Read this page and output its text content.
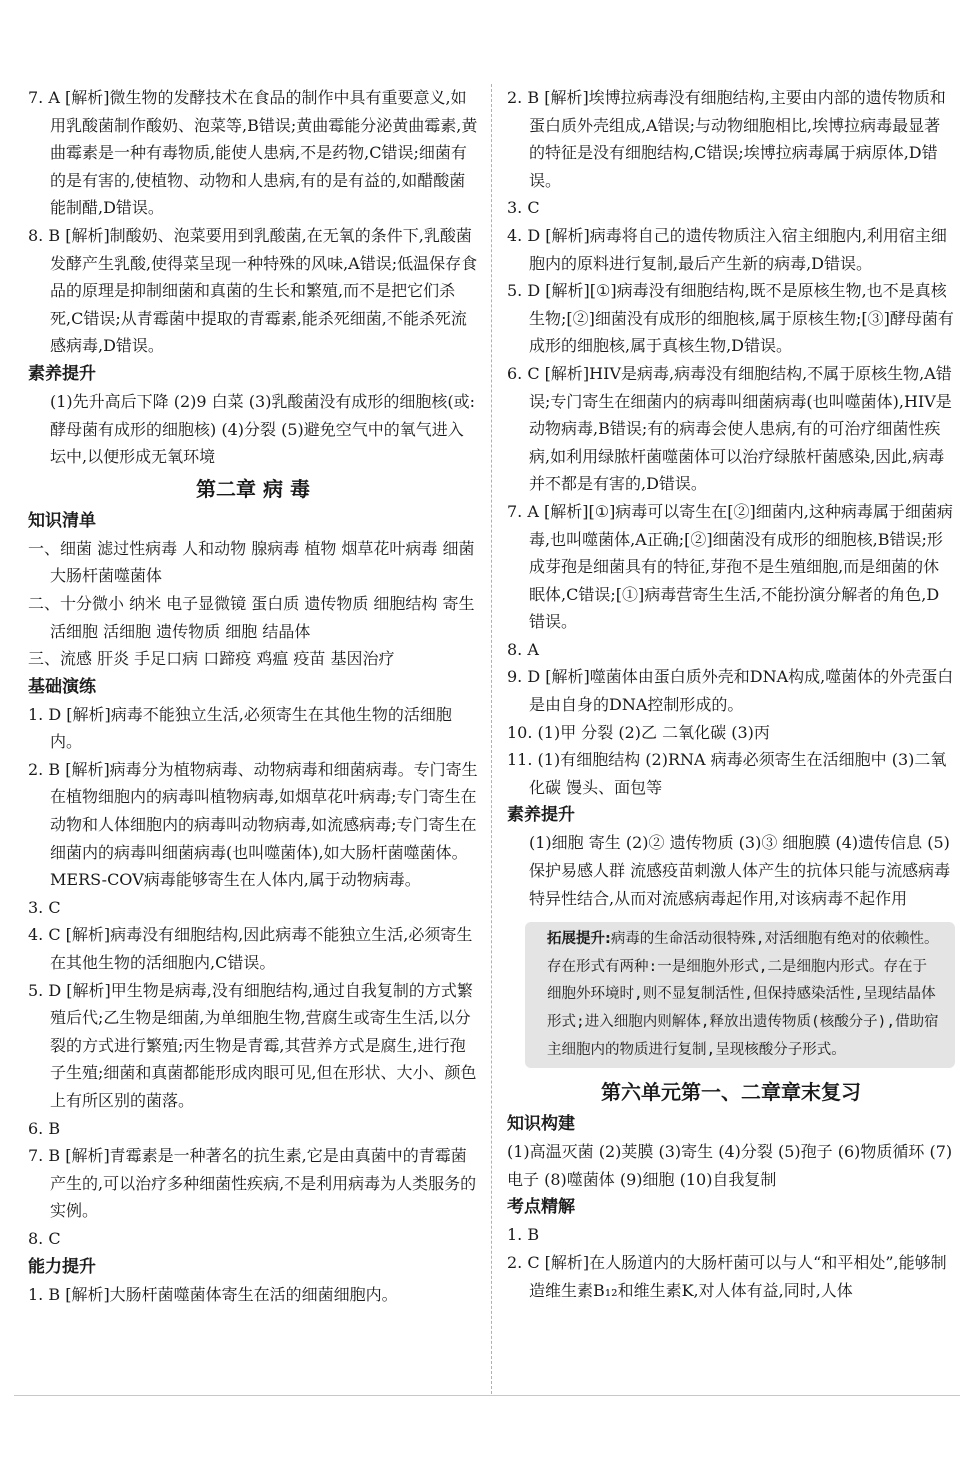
7. A [解析]微生物的发酵技术在食品的制作中具有重要意义,如用乳酸菌制作酸奶、泡菜等,B错误;黄曲霉能分泌黄曲霉素,黄曲霉素是一种有毒物质,能使人患病,不是药物,C错误;细菌有的是有害的,使植物、动物和人患病,有的是有益的,如醋酸菌能制醋,D错误。

8. B [解析]制酸奶、泡菜要用到乳酸菌,在无氧的条件下,乳酸菌发酵产生乳酸,使得菜呈现一种特殊的风味,A错误;低温保存食品的原理是抑制细菌和真菌的生长和繁殖,而不是把它们杀死,C错误;从青霉菌中提取的青霉素,能杀死细菌,不能杀死流感病毒,D错误。

素养提升

(1)先升高后下降 (2)9 白菜 (3)乳酸菌没有成形的细胞核(或:酵母菌有成形的细胞核) (4)分裂 (5)避免空气中的氧气进入坛中,以便形成无氧环境

第二章 病 毒

知识清单

一、细菌 滤过性病毒 人和动物 腺病毒 植物 烟草花叶病毒 细菌 大肠杆菌噬菌体

二、十分微小 纳米 电子显微镜 蛋白质 遗传物质 细胞结构 寄生 活细胞 活细胞 遗传物质 细胞 结晶体

三、流感 肝炎 手足口病 口蹄疫 鸡瘟 疫苗 基因治疗

基础演练

1. D [解析]病毒不能独立生活,必须寄生在其他生物的活细胞内。

2. B [解析]病毒分为植物病毒、动物病毒和细菌病毒。专门寄生在植物细胞内的病毒叫植物病毒,如烟草花叶病毒;专门寄生在动物和人体细胞内的病毒叫动物病毒,如流感病毒;专门寄生在细菌内的病毒叫细菌病毒(也叫噬菌体),如大肠杆菌噬菌体。MERS-COV病毒能够寄生在人体内,属于动物病毒。

3. C

4. C [解析]病毒没有细胞结构,因此病毒不能独立生活,必须寄生在其他生物的活细胞内,C错误。

5. D [解析]甲生物是病毒,没有细胞结构,通过自我复制的方式繁殖后代;乙生物是细菌,为单细胞生物,营腐生或寄生生活,以分裂的方式进行繁殖;丙生物是青霉,其营养方式是腐生,进行孢子生殖;细菌和真菌都能形成肉眼可见,但在形状、大小、颜色上有所区别的菌落。

6. B

7. B [解析]青霉素是一种著名的抗生素,它是由真菌中的青霉菌产生的,可以治疗多种细菌性疾病,不是利用病毒为人类服务的实例。

8. C

能力提升

1. B [解析]大肠杆菌噬菌体寄生在活的细菌细胞内。

2. B [解析]埃博拉病毒没有细胞结构,主要由内部的遗传物质和蛋白质外壳组成,A错误;与动物细胞相比,埃博拉病毒最显著的特征是没有细胞结构,C错误;埃博拉病毒属于病原体,D错误。

3. C

4. D [解析]病毒将自己的遗传物质注入宿主细胞内,利用宿主细胞内的原料进行复制,最后产生新的病毒,D错误。

5. D [解析][①]病毒没有细胞结构,既不是原核生物,也不是真核生物;[②]细菌没有成形的细胞核,属于原核生物;[③]酵母菌有成形的细胞核,属于真核生物,D错误。

6. C [解析]HIV是病毒,病毒没有细胞结构,不属于原核生物,A错误;专门寄生在细菌内的病毒叫细菌病毒(也叫噬菌体),HIV是动物病毒,B错误;有的病毒会使人患病,有的可治疗细菌性疾病,如利用绿脓杆菌噬菌体可以治疗绿脓杆菌感染,因此,病毒并不都是有害的,D错误。

7. A [解析][①]病毒可以寄生在[②]细菌内,这种病毒属于细菌病毒,也叫噬菌体,A正确;[②]细菌没有成形的细胞核,B错误;形成芽孢是细菌具有的特征,芽孢不是生殖细胞,而是细菌的休眠体,C错误;[①]病毒营寄生生活,不能扮演分解者的角色,D错误。

8. A

9. D [解析]噬菌体由蛋白质外壳和DNA构成,噬菌体的外壳蛋白是由自身的DNA控制形成的。

10. (1)甲 分裂 (2)乙 二氧化碳 (3)丙

11. (1)有细胞结构 (2)RNA 病毒必须寄生在活细胞中 (3)二氧化碳 馒头、面包等

素养提升

(1)细胞 寄生 (2)② 遗传物质 (3)③ 细胞膜 (4)遗传信息 (5)保护易感人群 流感疫苗刺激人体产生的抗体只能与流感病毒特异性结合,从而对流感病毒起作用,对该病毒不起作用

拓展提升:病毒的生命活动很特殊,对活细胞有绝对的依赖性。存在形式有两种:一是细胞外形式,二是细胞内形式。存在于细胞外环境时,则不显复制活性,但保持感染活性,呈现结晶体形式;进入细胞内则解体,释放出遗传物质(核酸分子),借助宿主细胞内的物质进行复制,呈现核酸分子形式。

第六单元第一、二章章末复习

知识构建

(1)高温灭菌 (2)荚膜 (3)寄生 (4)分裂 (5)孢子 (6)物质循环 (7)电子 (8)噬菌体 (9)细胞 (10)自我复制

考点精解

1. B

2. C [解析]在人肠道内的大肠杆菌可以与人“和平相处”,能够制造维生素B₁₂和维生素K,对人体有益,同时,人体
